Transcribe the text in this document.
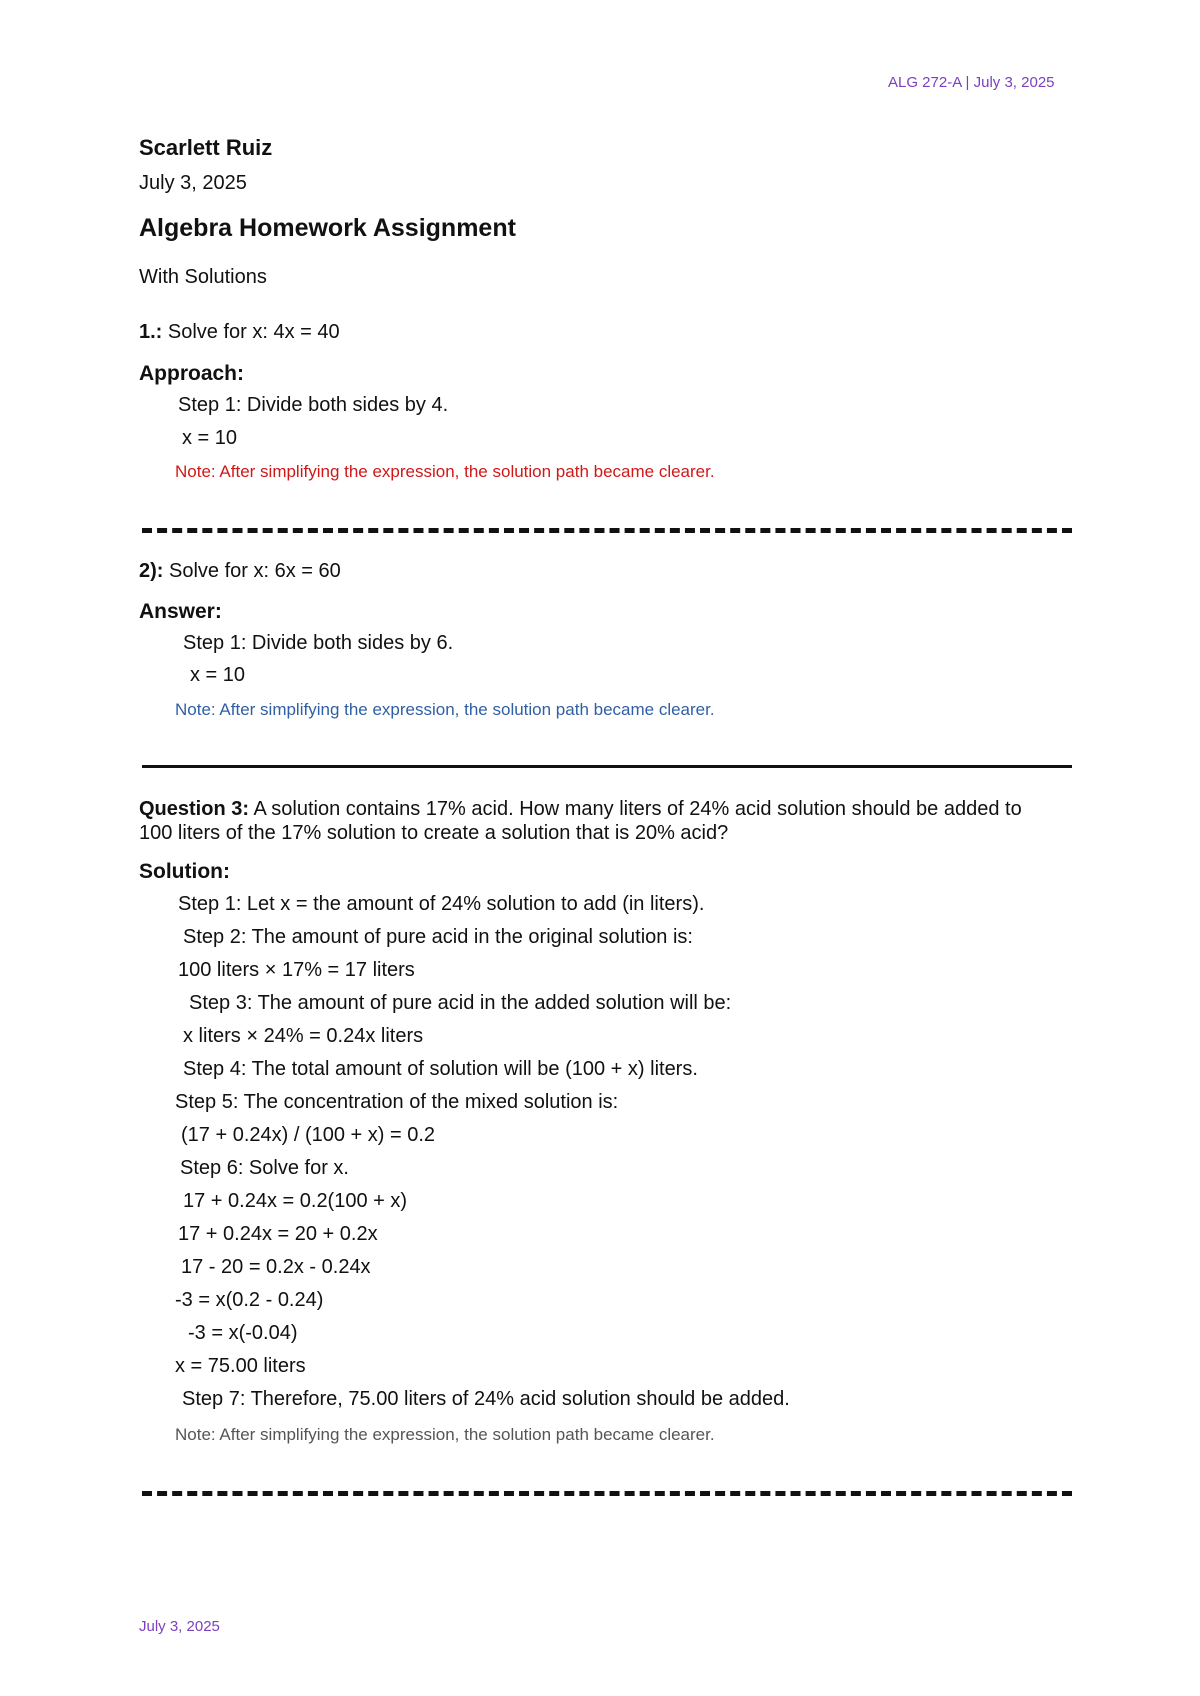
ALG 272-A | July 3, 2025
Scarlett Ruiz
July 3, 2025
Algebra Homework Assignment
With Solutions
1.: Solve for x: 4x = 40
Approach:
Step 1: Divide both sides by 4.
x = 10
Note: After simplifying the expression, the solution path became clearer.
2): Solve for x: 6x = 60
Answer:
Step 1: Divide both sides by 6.
x = 10
Note: After simplifying the expression, the solution path became clearer.
Question 3: A solution contains 17% acid. How many liters of 24% acid solution should be added to 100 liters of the 17% solution to create a solution that is 20% acid?
Solution:
Step 1: Let x = the amount of 24% solution to add (in liters).
Step 2: The amount of pure acid in the original solution is:
100 liters × 17% = 17 liters
Step 3: The amount of pure acid in the added solution will be:
x liters × 24% = 0.24x liters
Step 4: The total amount of solution will be (100 + x) liters.
Step 5: The concentration of the mixed solution is:
(17 + 0.24x) / (100 + x) = 0.2
Step 6: Solve for x.
17 + 0.24x = 0.2(100 + x)
17 + 0.24x = 20 + 0.2x
17 - 20 = 0.2x - 0.24x
-3 = x(0.2 - 0.24)
-3 = x(-0.04)
x = 75.00 liters
Step 7: Therefore, 75.00 liters of 24% acid solution should be added.
Note: After simplifying the expression, the solution path became clearer.
July 3, 2025
